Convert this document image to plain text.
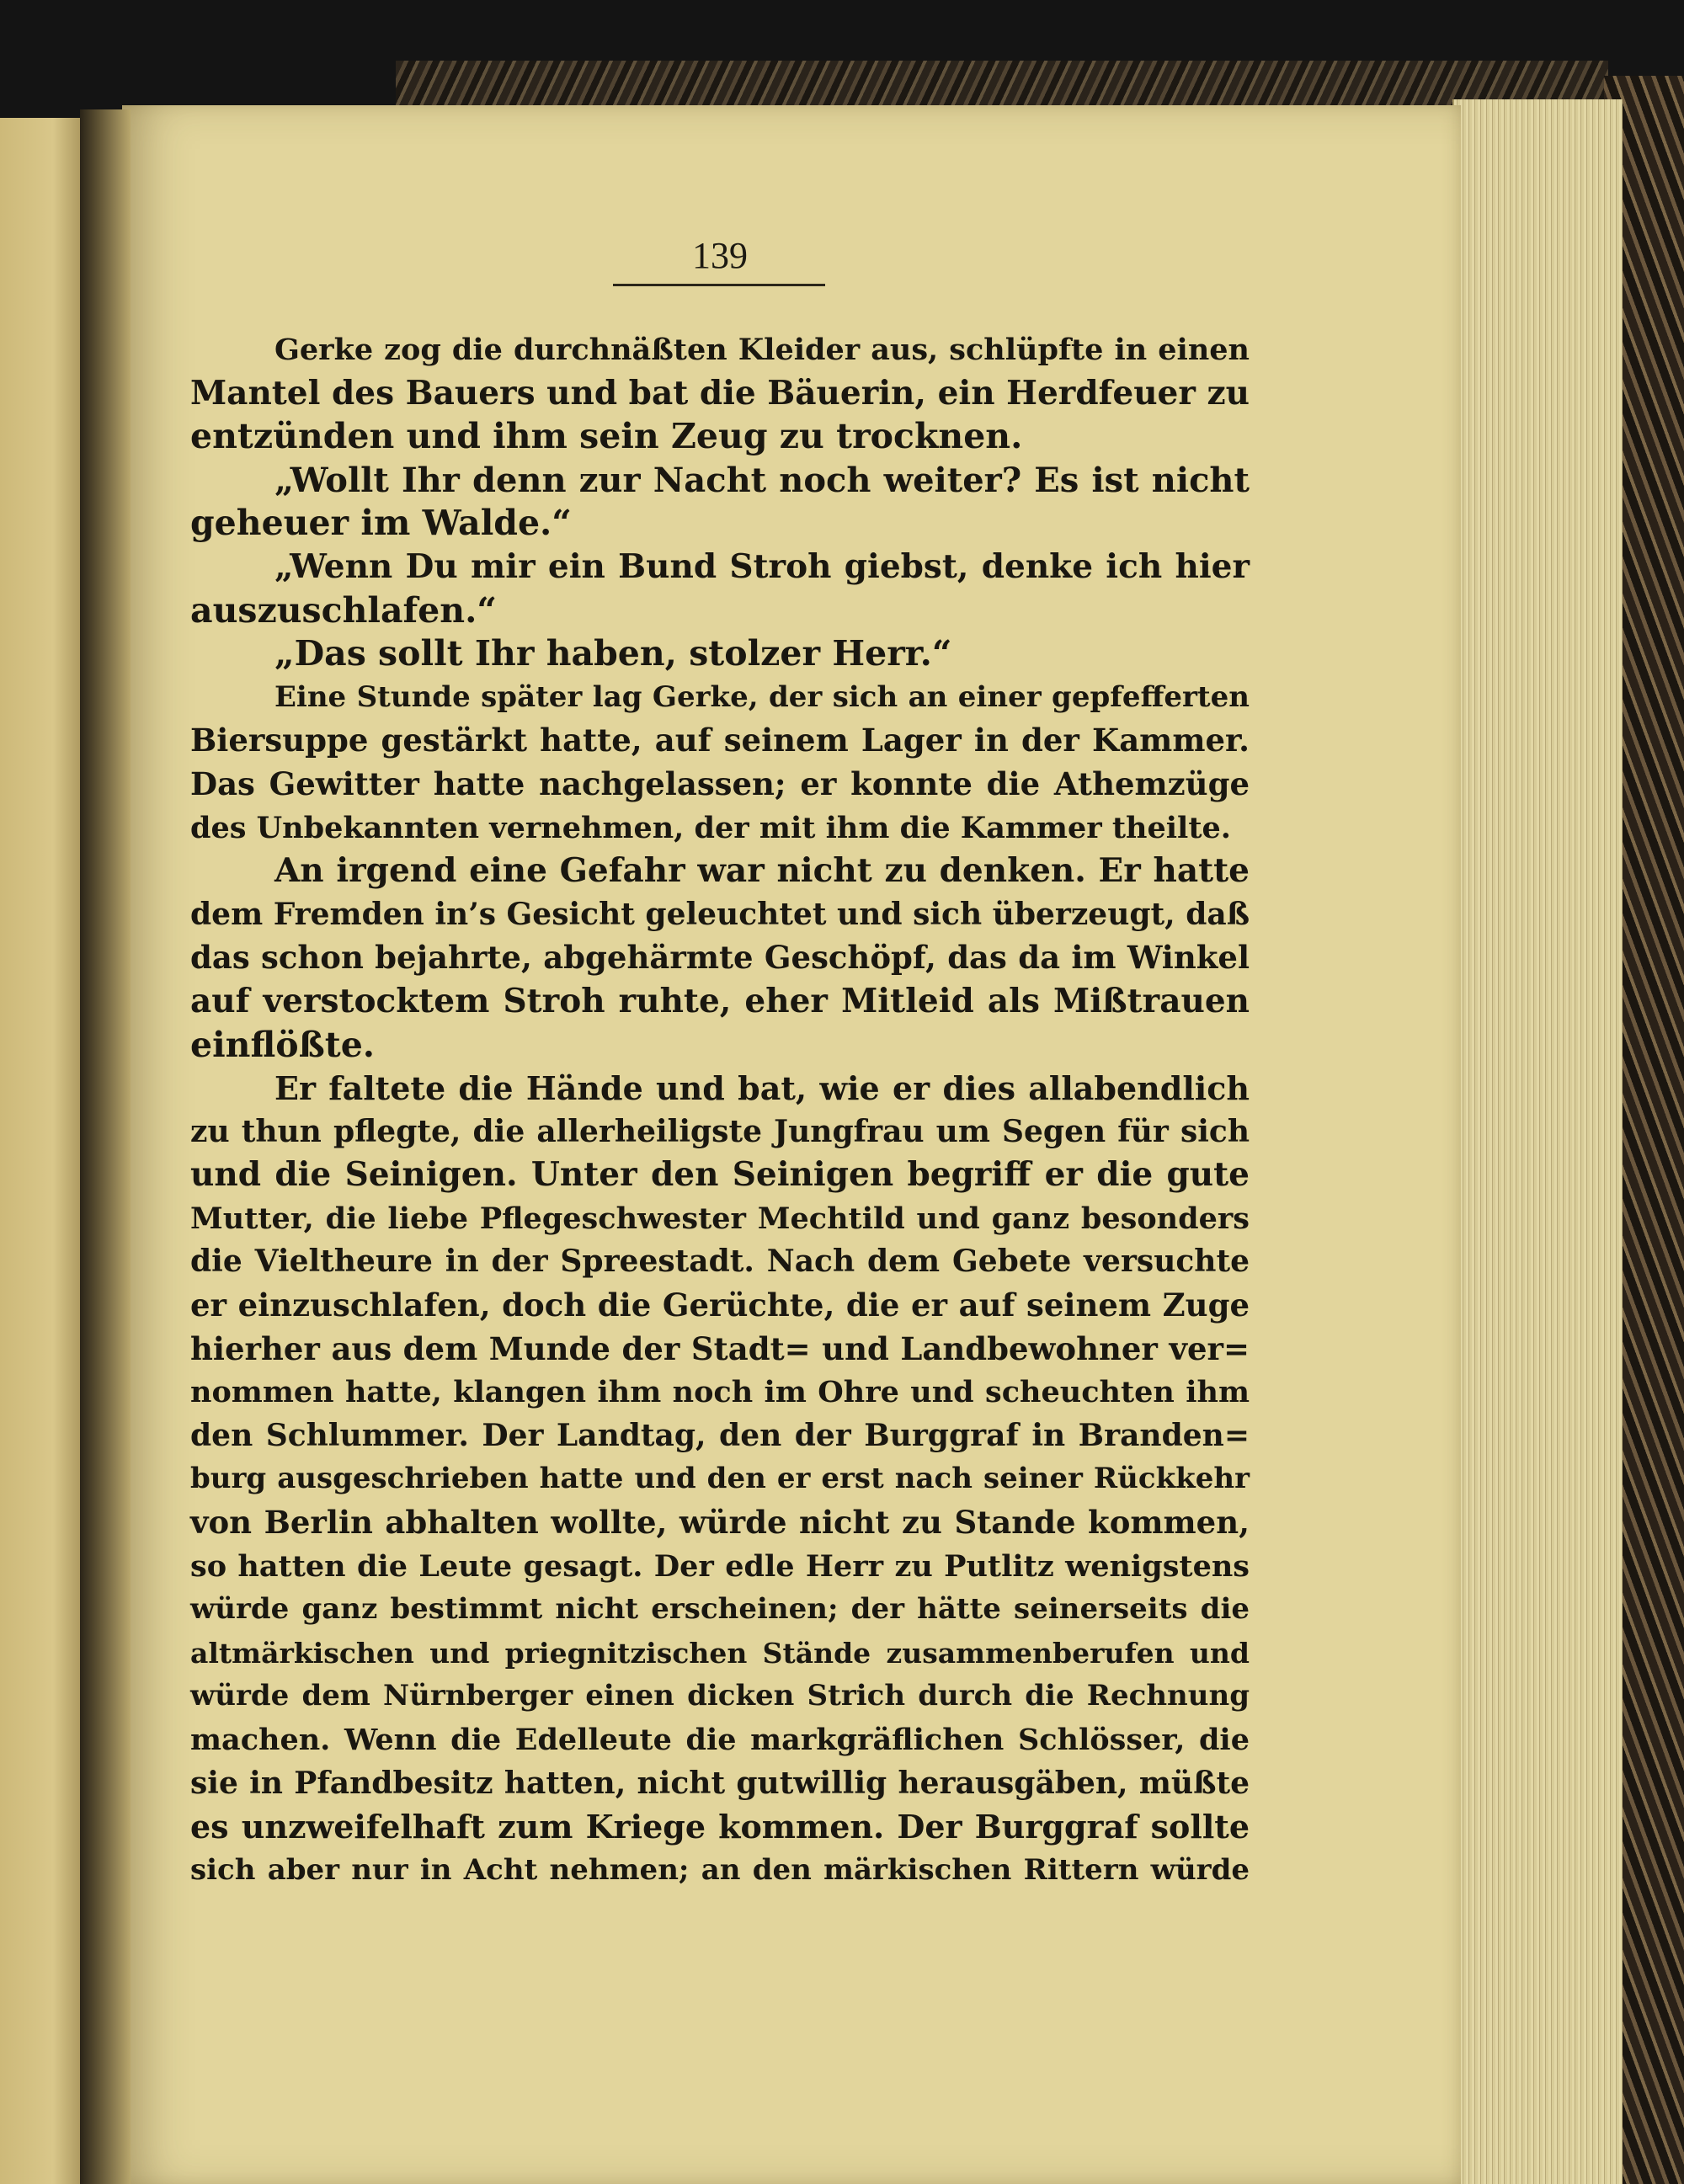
139
Gerke zog die durchnäßten Kleider aus, schlüpfte in einen
Mantel des Bauers und bat die Bäuerin, ein Herdfeuer zu
entzünden und ihm sein Zeug zu trocknen.
„Wollt Ihr denn zur Nacht noch weiter? Es ist nicht
geheuer im Walde.“
„Wenn Du mir ein Bund Stroh giebst, denke ich hier
auszuschlafen.“
„Das sollt Ihr haben, stolzer Herr.“
Eine Stunde später lag Gerke, der sich an einer gepfefferten
Biersuppe gestärkt hatte, auf seinem Lager in der Kammer.
Das Gewitter hatte nachgelassen; er konnte die Athemzüge
des Unbekannten vernehmen, der mit ihm die Kammer theilte.
An irgend eine Gefahr war nicht zu denken. Er hatte
dem Fremden in’s Gesicht geleuchtet und sich überzeugt, daß
das schon bejahrte, abgehärmte Geschöpf, das da im Winkel
auf verstocktem Stroh ruhte, eher Mitleid als Mißtrauen
einflößte.
Er faltete die Hände und bat, wie er dies allabendlich
zu thun pflegte, die allerheiligste Jungfrau um Segen für sich
und die Seinigen. Unter den Seinigen begriff er die gute
Mutter, die liebe Pflegeschwester Mechtild und ganz besonders
die Vieltheure in der Spreestadt. Nach dem Gebete versuchte
er einzuschlafen, doch die Gerüchte, die er auf seinem Zuge
hierher aus dem Munde der Stadt= und Landbewohner ver=
nommen hatte, klangen ihm noch im Ohre und scheuchten ihm
den Schlummer. Der Landtag, den der Burggraf in Branden=
burg ausgeschrieben hatte und den er erst nach seiner Rückkehr
von Berlin abhalten wollte, würde nicht zu Stande kommen,
so hatten die Leute gesagt. Der edle Herr zu Putlitz wenigstens
würde ganz bestimmt nicht erscheinen; der hätte seinerseits die
altmärkischen und priegnitzischen Stände zusammenberufen und
würde dem Nürnberger einen dicken Strich durch die Rechnung
machen. Wenn die Edelleute die markgräflichen Schlösser, die
sie in Pfandbesitz hatten, nicht gutwillig herausgäben, müßte
es unzweifelhaft zum Kriege kommen. Der Burggraf sollte
sich aber nur in Acht nehmen; an den märkischen Rittern würde
